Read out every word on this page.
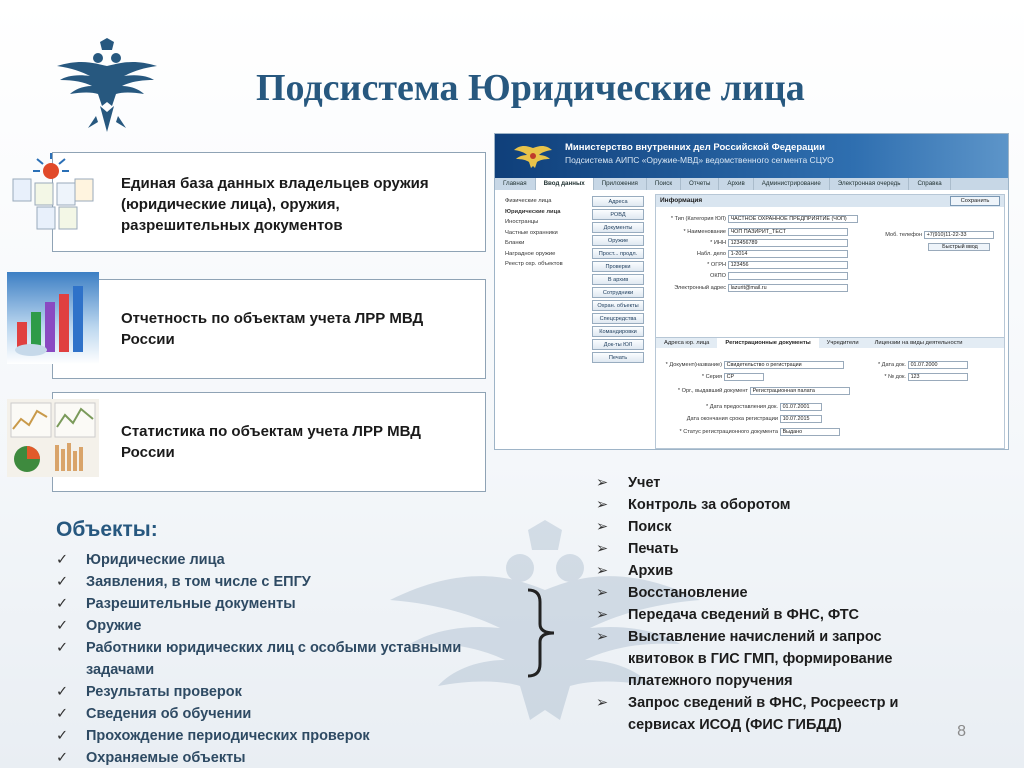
Подсистема Юридические лица
Единая база данных владельцев оружия
(юридические лица), оружия,
разрешительных документов
Отчетность по объектам учета ЛРР МВД
России
Статистика по объектам учета ЛРР МВД
России
Министерство внутренних дел Российской Федерации
Подсистема АИПС «Оружие-МВД» ведомственного сегмента СЦУО
Главная	Ввод данных	Приложения	Поиск	Отчеты	Архив	Администрирование	Электронная очередь	Справка
Физические лица
Юридические лица
Иностранцы
Частные охранники
Бланки
Наградное оружие
Реестр охр. объектов
Адреса
РОВД
Документы
Оружие
Прост... продл.
Проверки
В архив
Сотрудники
Охран. объекты
Спецсредства
Командировки
Док-ты ЮЛ
Печать
Информация	Сохранить
* Тип (Категория ЮЛ) ЧАСТНОЕ ОХРАННОЕ ПРЕДПРИЯТИЕ (ЧОП)
* Наименование ЧОП ПАЗИРИТ_ТЕСТ
* ИНН 123456789
Набл. дело 1-2014
* ОГРН 123456
ОКПО
Электронный адрес lazurit@mail.ru
Моб. телефон +7(910)11-22-33
Быстрый ввод
Адреса юр. лица	Регистрационные документы	Учредители	Лицензии на виды деятельности
* Документ(название) Свидетельство о регистрации	* Дата док. 01.07.2000
* Серия СР	* № док. 123
* Орг., выдавший документ Регистрационная палата
* Дата предоставления док. 01.07.2001
Дата окончания срока регистрации 10.07.2015
* Статус регистрационного документа Выдано
Объекты:
✓	Юридические лица
✓	Заявления, в том числе с ЕПГУ
✓	Разрешительные документы
✓	Оружие
✓	Работники юридических лиц с особыми уставными задачами
✓	Результаты проверок
✓	Сведения об обучении
✓	Прохождение периодических проверок
✓	Охраняемые объекты
➢	Учет
➢	Контроль за оборотом
➢	Поиск
➢	Печать
➢	Архив
➢	Восстановление
➢	Передача сведений в ФНС, ФТС
➢	Выставление начислений и запрос квитовок в ГИС ГМП, формирование платежного поручения
➢	Запрос сведений в ФНС, Росреестр и сервисах ИСОД (ФИС ГИБДД)	8
